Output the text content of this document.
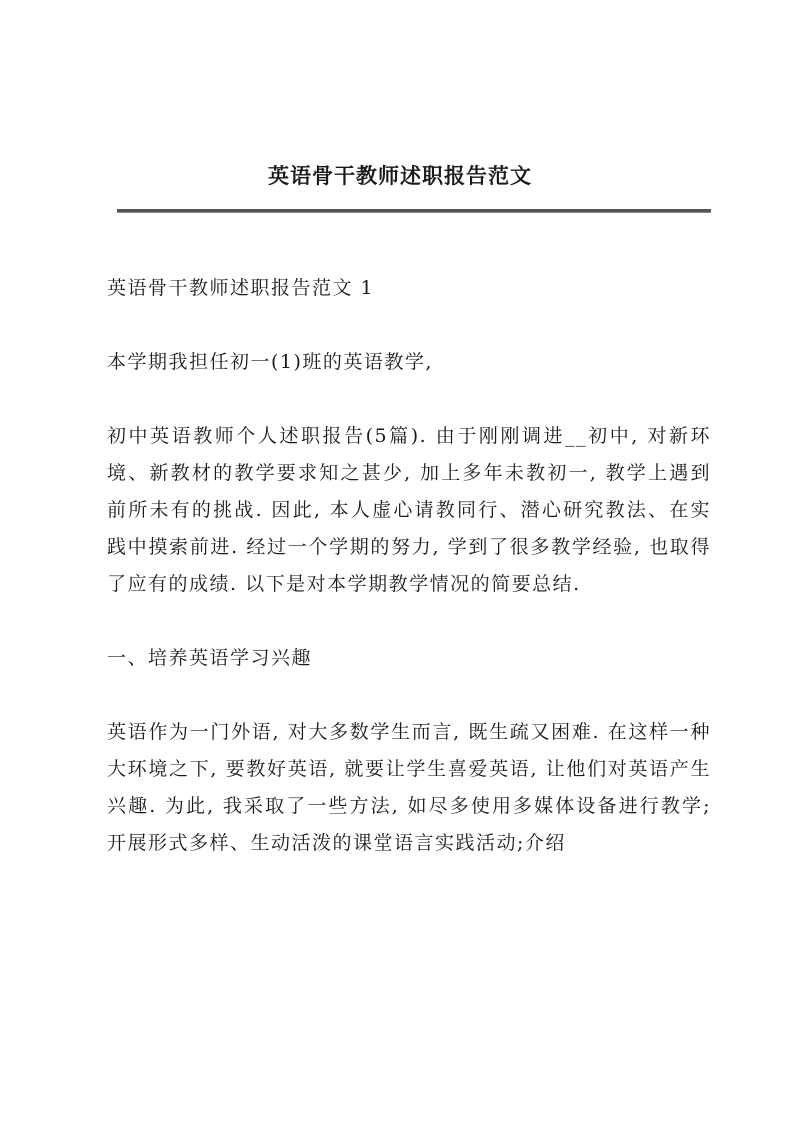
英语骨干教师述职报告范文

英语骨干教师述职报告范文 1

本学期我担任初一(1)班的英语教学,

初中英语教师个人述职报告(5篇). 由于刚刚调进__初中, 对新环境、新教材的教学要求知之甚少, 加上多年未教初一, 教学上遇到前所未有的挑战. 因此, 本人虚心请教同行、潜心研究教法、在实践中摸索前进. 经过一个学期的努力, 学到了很多教学经验, 也取得了应有的成绩. 以下是对本学期教学情况的简要总结.

一、培养英语学习兴趣

英语作为一门外语, 对大多数学生而言, 既生疏又困难. 在这样一种大环境之下, 要教好英语, 就要让学生喜爱英语, 让他们对英语产生兴趣. 为此, 我采取了一些方法, 如尽多使用多媒体设备进行教学;开展形式多样、生动活泼的课堂语言实践活动;介绍
